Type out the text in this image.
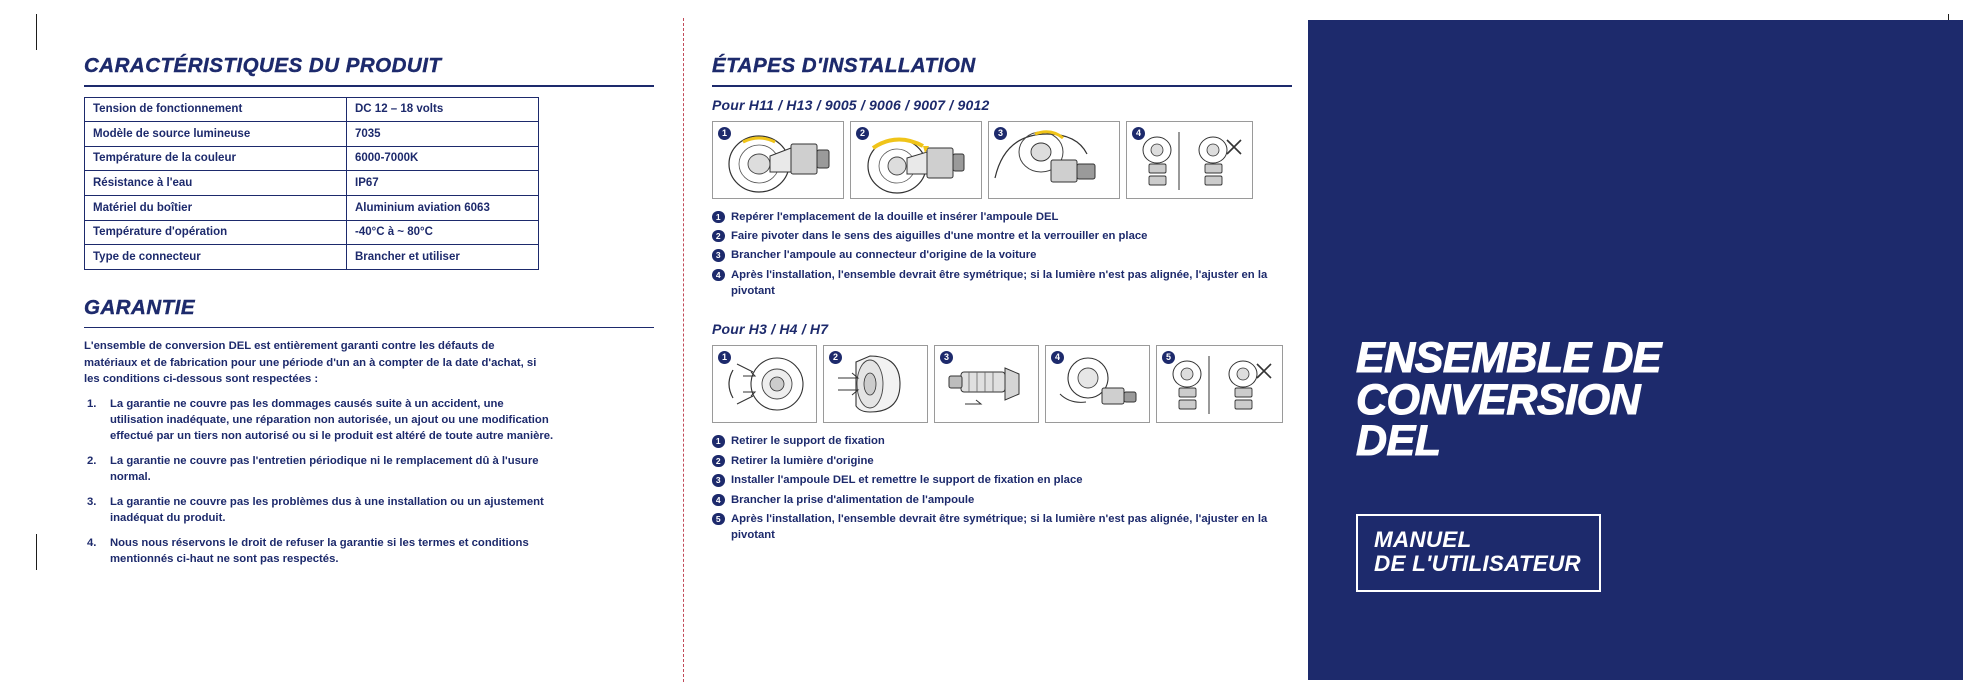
CARACTÉRISTIQUES DU PRODUIT
Tension de fonctionnement	DC 12 – 18 volts
Modèle de source lumineuse	7035
Température de la couleur	6000-7000K
Résistance à l'eau	IP67
Matériel du boîtier	Aluminium aviation 6063
Température d'opération	-40°C à ~ 80°C
Type de connecteur	Brancher et utiliser
GARANTIE

L'ensemble de conversion DEL est entièrement garanti contre les défauts de matériaux et de fabrication pour une période d'un an à compter de la date d'achat, si les conditions ci-dessous sont respectées :

1. La garantie ne couvre pas les dommages causés suite à un accident, une utilisation inadéquate, une réparation non autorisée, un ajout ou une modification effectué par un tiers non autorisé ou si le produit est altéré de toute autre manière.
2. La garantie ne couvre pas l'entretien périodique ni le remplacement dû à l'usure normal.
3. La garantie ne couvre pas les problèmes dus à une installation ou un ajustement inadéquat du produit.
4. Nous nous réservons le droit de refuser la garantie si les termes et conditions mentionnés ci-haut ne sont pas respectés.
ÉTAPES D'INSTALLATION
Pour H11 / H13 / 9005 / 9006 / 9007 / 9012
1	2	3	4
1 Repérer l'emplacement de la douille et insérer l'ampoule DEL
2 Faire pivoter dans le sens des aiguilles d'une montre et la verrouiller en place
3 Brancher l'ampoule au connecteur d'origine de la voiture
4 Après l'installation, l'ensemble devrait être symétrique; si la lumière n'est pas alignée, l'ajuster en la pivotant
Pour H3 / H4 / H7
1	2	3	4	5
1 Retirer le support de fixation
2 Retirer la lumière d'origine
3 Installer l'ampoule DEL et remettre le support de fixation en place
4 Brancher la prise d'alimentation de l'ampoule
5 Après l'installation, l'ensemble devrait être symétrique; si la lumière n'est pas alignée, l'ajuster en la pivotant
ENSEMBLE DE
CONVERSION
DEL
MANUEL
DE L'UTILISATEUR
